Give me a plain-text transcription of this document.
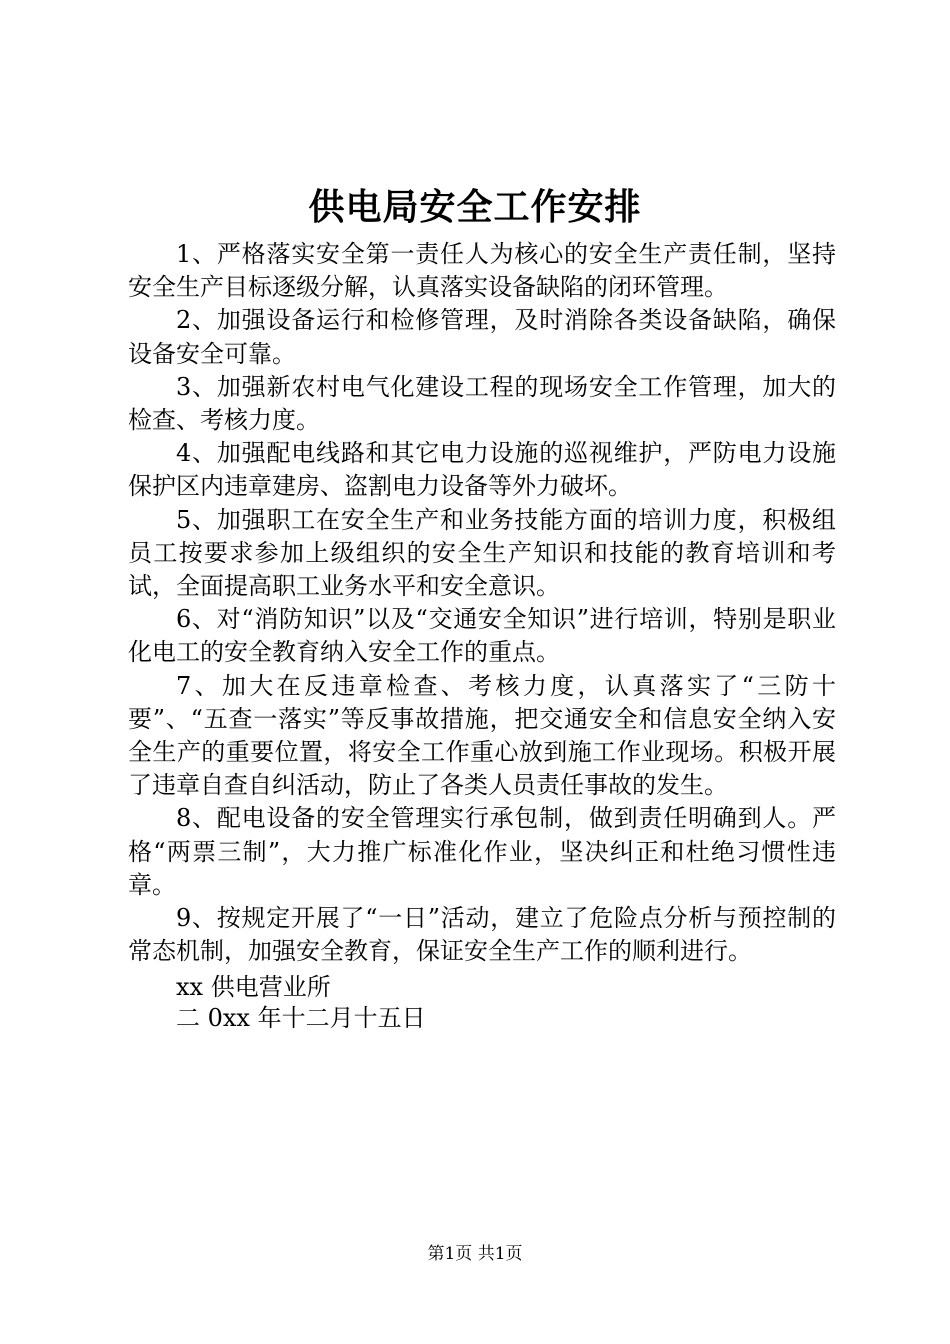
供电局安全工作安排

1、严格落实安全第一责任人为核心的安全生产责任制，坚持安全生产目标逐级分解，认真落实设备缺陷的闭环管理。

2、加强设备运行和检修管理，及时消除各类设备缺陷，确保设备安全可靠。

3、加强新农村电气化建设工程的现场安全工作管理，加大的检查、考核力度。

4、加强配电线路和其它电力设施的巡视维护，严防电力设施保护区内违章建房、盗割电力设备等外力破坏。

5、加强职工在安全生产和业务技能方面的培训力度，积极组员工按要求参加上级组织的安全生产知识和技能的教育培训和考试，全面提高职工业务水平和安全意识。

6、对“消防知识”以及“交通安全知识”进行培训，特别是职业化电工的安全教育纳入安全工作的重点。

7、加大在反违章检查、考核力度，认真落实了“三防十要”、“五查一落实”等反事故措施，把交通安全和信息安全纳入安全生产的重要位置，将安全工作重心放到施工作业现场。积极开展了违章自查自纠活动，防止了各类人员责任事故的发生。

8、配电设备的安全管理实行承包制，做到责任明确到人。严格“两票三制”，大力推广标准化作业，坚决纠正和杜绝习惯性违章。

9、按规定开展了“一日”活动，建立了危险点分析与预控制的常态机制，加强安全教育，保证安全生产工作的顺利进行。

xx 供电营业所

二 0xx 年十二月十五日

第1页 共1页
